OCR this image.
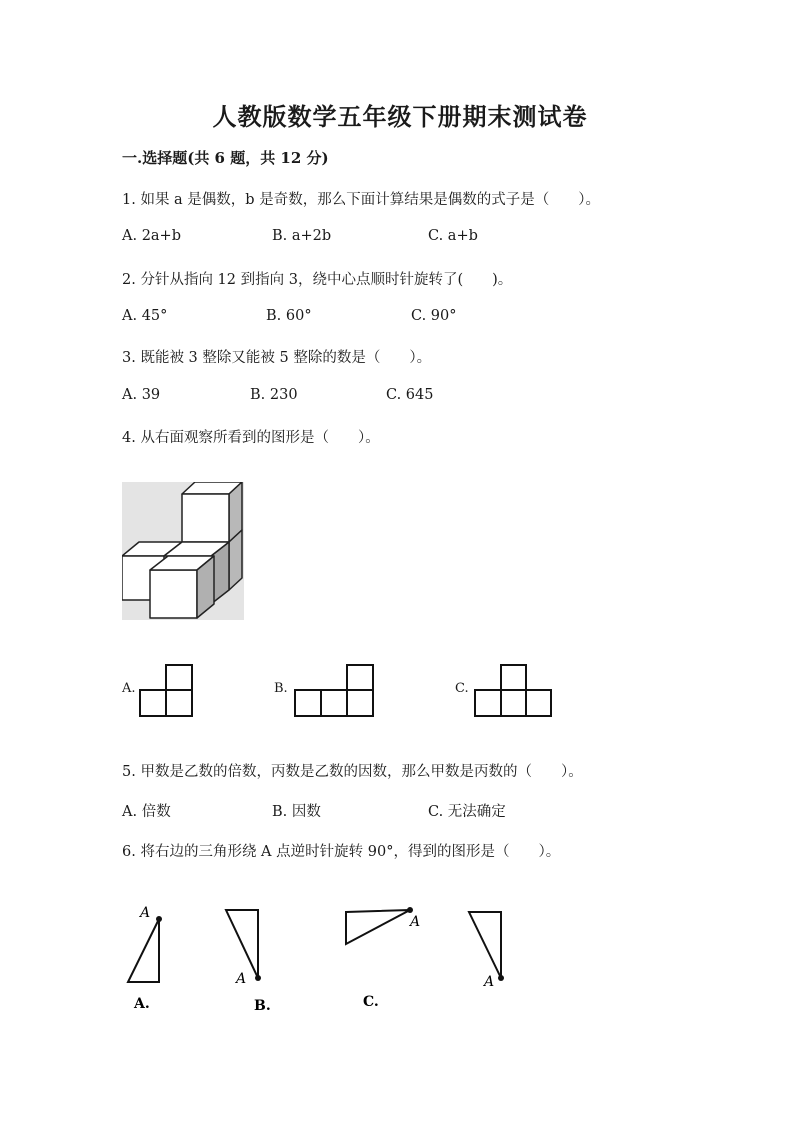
人教版数学五年级下册期末测试卷
一.选择题(共 6 题，共 12 分)
1. 如果 a 是偶数，b 是奇数，那么下面计算结果是偶数的式子是（　　）。
A. 2a+b	B. a+2b	C. a+b
2. 分针从指向 12 到指向 3，绕中心点顺时针旋转了(　　)。
A. 45°	B. 60°	C. 90°
3. 既能被 3 整除又能被 5 整除的数是（　　）。
A. 39	B. 230	C. 645
4. 从右面观察所看到的图形是（　　）。
A.	B.	C.
5. 甲数是乙数的倍数，丙数是乙数的因数，那么甲数是丙数的（　　）。
A. 倍数	B. 因数	C. 无法确定
6. 将右边的三角形绕 A 点逆时针旋转 90°，得到的图形是（　　）。
A
A
A
A
A.	B.	C.
